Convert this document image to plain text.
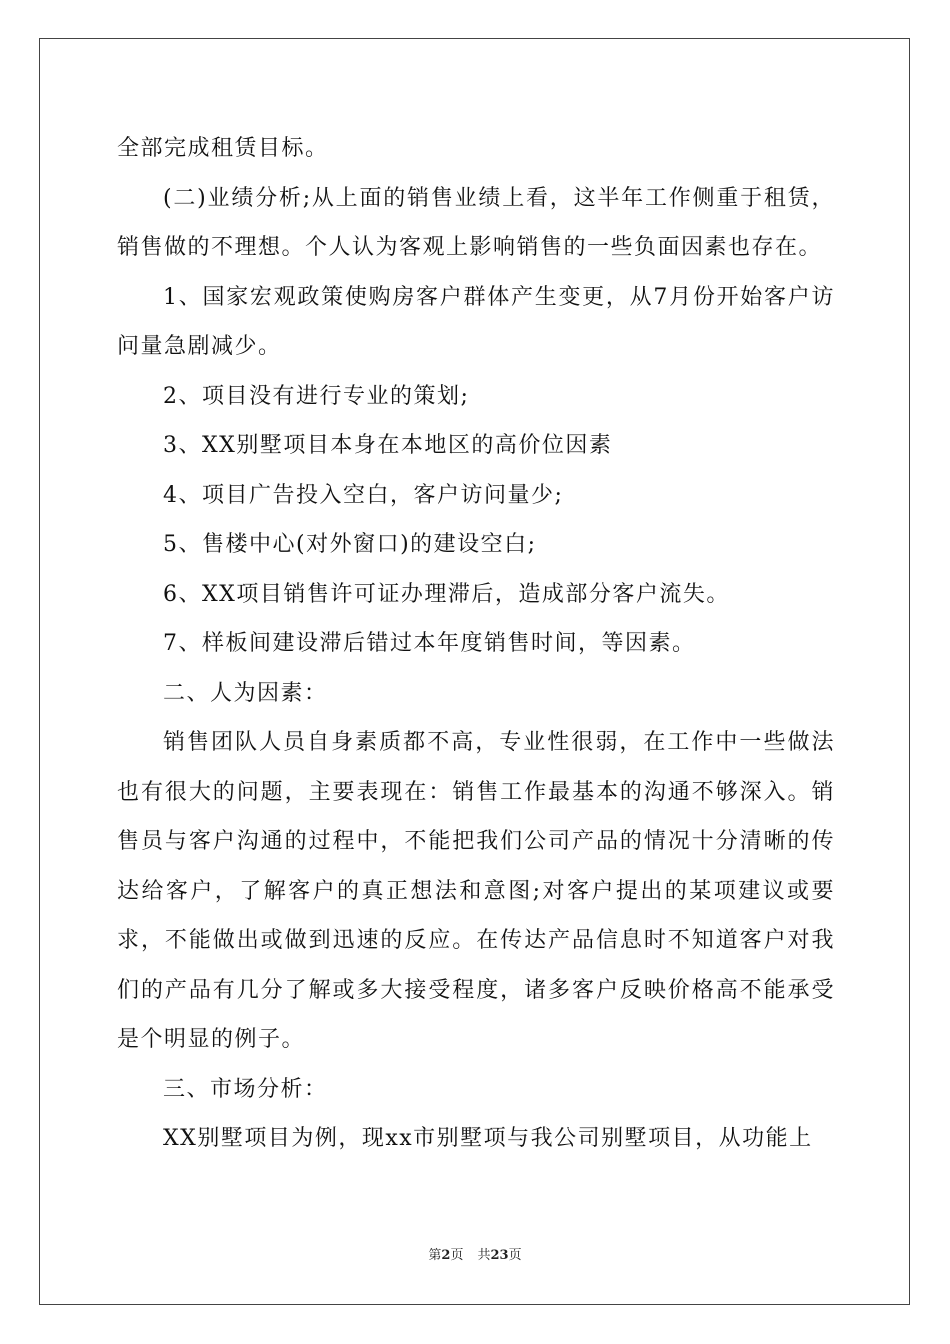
全部完成租赁目标。

(二)业绩分析;从上面的销售业绩上看，这半年工作侧重于租赁，销售做的不理想。个人认为客观上影响销售的一些负面因素也存在。

1、国家宏观政策使购房客户群体产生变更，从7月份开始客户访问量急剧减少。

2、项目没有进行专业的策划;

3、XX别墅项目本身在本地区的高价位因素

4、项目广告投入空白，客户访问量少;

5、售楼中心(对外窗口)的建设空白;

6、XX项目销售许可证办理滞后，造成部分客户流失。

7、样板间建设滞后错过本年度销售时间，等因素。

二、人为因素：

销售团队人员自身素质都不高，专业性很弱，在工作中一些做法也有很大的问题，主要表现在：销售工作最基本的沟通不够深入。销售员与客户沟通的过程中，不能把我们公司产品的情况十分清晰的传达给客户，了解客户的真正想法和意图;对客户提出的某项建议或要求，不能做出或做到迅速的反应。在传达产品信息时不知道客户对我们的产品有几分了解或多大接受程度，诸多客户反映价格高不能承受是个明显的例子。

三、市场分析：

XX别墅项目为例，现xx市别墅项与我公司别墅项目，从功能上

第2页 共23页
